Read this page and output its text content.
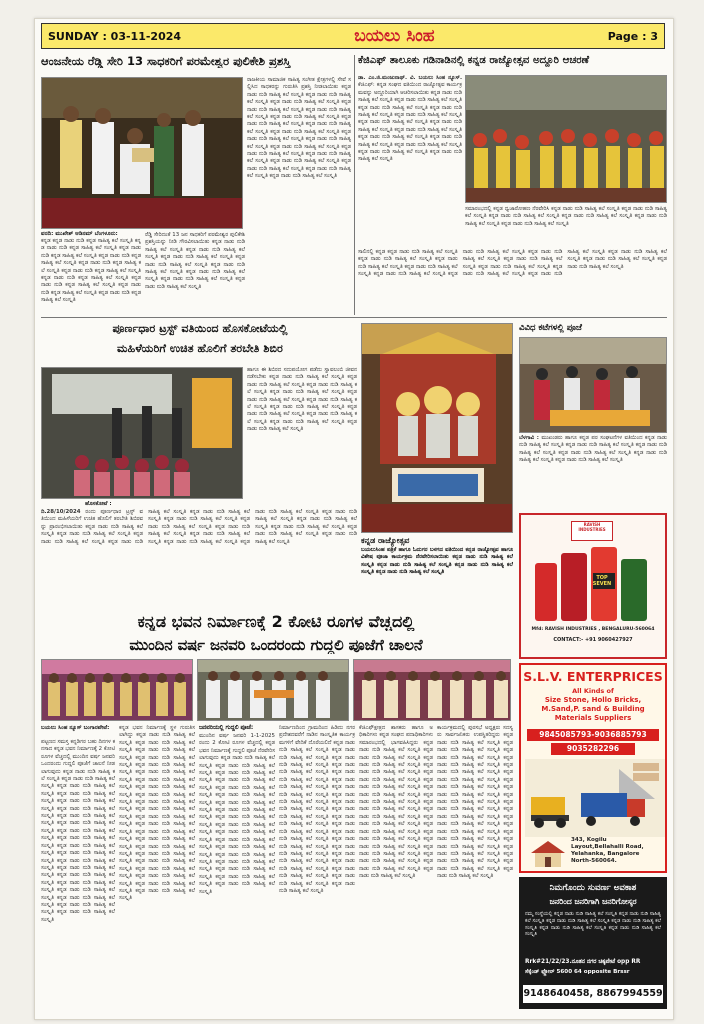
SUNDAY : 03-11-2024	ಬಯಲು ಸಿಂಹ	Page : 3
ಆಂಜನೇಯ ರೆಡ್ಡಿ ಸೇರಿ 13 ಸಾಧಕರಿಗೆ ಪರಮೇಶ್ವರ ಪುಲಿಕೇಶಿ ಪ್ರಶಸ್ತಿ
ವರದಿ: ಮುಖೇಶ್ ಆಡಿನಮ್ ಬೆಂಗಳೂರು:
ಕನ್ನಡ ಕನ್ನಡ ನಾಡು ನುಡಿ ಕನ್ನಡ ಸಾಹಿತ್ಯ ಕಲೆ ಸಂಸ್ಕೃತಿ ಕನ್ನಡ ನಾಡು ನುಡಿ ಕನ್ನಡ ಸಾಹಿತ್ಯ ಕಲೆ ಸಂಸ್ಕೃತಿ ಕನ್ನಡ ನಾಡು ನುಡಿ ಕನ್ನಡ ಸಾಹಿತ್ಯ ಕಲೆ ಸಂಸ್ಕೃತಿ ಕನ್ನಡ ನಾಡು ನುಡಿ ಕನ್ನಡ ಸಾಹಿತ್ಯ ಕಲೆ ಸಂಸ್ಕೃತಿ ಕನ್ನಡ ನಾಡು ನುಡಿ ಕನ್ನಡ ಸಾಹಿತ್ಯ ಕಲೆ ಸಂಸ್ಕೃತಿ ಕನ್ನಡ ನಾಡು ನುಡಿ ಕನ್ನಡ ಸಾಹಿತ್ಯ ಕಲೆ ಸಂಸ್ಕೃತಿ ಕನ್ನಡ ನಾಡು ನುಡಿ ಕನ್ನಡ ಸಾಹಿತ್ಯ ಕಲೆ ಸಂಸ್ಕೃತಿ ಕನ್ನಡ ನಾಡು ನುಡಿ ಕನ್ನಡ ಸಾಹಿತ್ಯ ಕಲೆ ಸಂಸ್ಕೃತಿ ಕನ್ನಡ ನಾಡು ನುಡಿ ಕನ್ನಡ ಸಾಹಿತ್ಯ ಕಲೆ ಸಂಸ್ಕೃತಿ ಕನ್ನಡ ನಾಡು ನುಡಿ ಕನ್ನಡ ಸಾಹಿತ್ಯ ಕಲೆ ಸಂಸ್ಕೃತಿ
ರೆಡ್ಡಿ ಸೇರಿದಂತೆ 13 ಜನ ಸಾಧಕರಿಗೆ ಪರಮೇಶ್ವರ ಪುಲಿಕೇಶಿ ಪ್ರಶಸ್ತಿಯನ್ನು ನೀಡಿ ಗೌರವಿಸಲಾಯಿತು ಕನ್ನಡ ನಾಡು ನುಡಿ ಸಾಹಿತ್ಯ ಕಲೆ ಸಂಸ್ಕೃತಿ ಕನ್ನಡ ನಾಡು ನುಡಿ ಸಾಹಿತ್ಯ ಕಲೆ ಸಂಸ್ಕೃತಿ ಕನ್ನಡ ನಾಡು ನುಡಿ ಸಾಹಿತ್ಯ ಕಲೆ ಸಂಸ್ಕೃತಿ ಕನ್ನಡ ನಾಡು ನುಡಿ ಸಾಹಿತ್ಯ ಕಲೆ ಸಂಸ್ಕೃತಿ ಕನ್ನಡ ನಾಡು ನುಡಿ ಸಾಹಿತ್ಯ ಕಲೆ ಸಂಸ್ಕೃತಿ ಕನ್ನಡ ನಾಡು ನುಡಿ ಸಾಹಿತ್ಯ ಕಲೆ ಸಂಸ್ಕೃತಿ ಕನ್ನಡ ನಾಡು ನುಡಿ ಸಾಹಿತ್ಯ ಕಲೆ ಸಂಸ್ಕೃತಿ ಕನ್ನಡ ನಾಡು ನುಡಿ ಸಾಹಿತ್ಯ ಕಲೆ ಸಂಸ್ಕೃತಿ
ರಾಜಕೀಯ ಸಾಮಾಜಿಕ ಸಾಹಿತ್ಯ ಸಂಗೀತ ಕ್ಷೇತ್ರಗಳಲ್ಲಿ ಸೇವೆ ಸಲ್ಲಿಸಿದ ಸಾಧಕರನ್ನು ಗುರುತಿಸಿ ಪ್ರಶಸ್ತಿ ನೀಡಲಾಯಿತು ಕನ್ನಡ ನಾಡು ನುಡಿ ಸಾಹಿತ್ಯ ಕಲೆ ಸಂಸ್ಕೃತಿ ಕನ್ನಡ ನಾಡು ನುಡಿ ಸಾಹಿತ್ಯ ಕಲೆ ಸಂಸ್ಕೃತಿ ಕನ್ನಡ ನಾಡು ನುಡಿ ಸಾಹಿತ್ಯ ಕಲೆ ಸಂಸ್ಕೃತಿ ಕನ್ನಡ ನಾಡು ನುಡಿ ಸಾಹಿತ್ಯ ಕಲೆ ಸಂಸ್ಕೃತಿ ಕನ್ನಡ ನಾಡು ನುಡಿ ಸಾಹಿತ್ಯ ಕಲೆ ಸಂಸ್ಕೃತಿ ಕನ್ನಡ ನಾಡು ನುಡಿ ಸಾಹಿತ್ಯ ಕಲೆ ಸಂಸ್ಕೃತಿ ಕನ್ನಡ ನಾಡು ನುಡಿ ಸಾಹಿತ್ಯ ಕಲೆ ಸಂಸ್ಕೃತಿ ಕನ್ನಡ ನಾಡು ನುಡಿ ಸಾಹಿತ್ಯ ಕಲೆ ಸಂಸ್ಕೃತಿ ಕನ್ನಡ ನಾಡು ನುಡಿ ಸಾಹಿತ್ಯ ಕಲೆ ಸಂಸ್ಕೃತಿ ಕನ್ನಡ ನಾಡು ನುಡಿ ಸಾಹಿತ್ಯ ಕಲೆ ಸಂಸ್ಕೃತಿ ಕನ್ನಡ ನಾಡು ನುಡಿ ಸಾಹಿತ್ಯ ಕಲೆ ಸಂಸ್ಕೃತಿ ಕನ್ನಡ ನಾಡು ನುಡಿ ಸಾಹಿತ್ಯ ಕಲೆ ಸಂಸ್ಕೃತಿ ಕನ್ನಡ ನಾಡು ನುಡಿ ಸಾಹಿತ್ಯ ಕಲೆ ಸಂಸ್ಕೃತಿ ಕನ್ನಡ ನಾಡು ನುಡಿ ಸಾಹಿತ್ಯ ಕಲೆ ಸಂಸ್ಕೃತಿ ಕನ್ನಡ ನಾಡು ನುಡಿ ಸಾಹಿತ್ಯ ಕಲೆ ಸಂಸ್ಕೃತಿ ಕನ್ನಡ ನಾಡು ನುಡಿ ಸಾಹಿತ್ಯ ಕಲೆ ಸಂಸ್ಕೃತಿ ಕನ್ನಡ ನಾಡು ನುಡಿ ಸಾಹಿತ್ಯ ಕಲೆ ಸಂಸ್ಕೃತಿ ಕನ್ನಡ ನಾಡು ನುಡಿ ಸಾಹಿತ್ಯ ಕಲೆ ಸಂಸ್ಕೃತಿ
ಕೆಜಿಎಫ್ ತಾಲೂಕು ಗಡಿನಾಡಿನಲ್ಲಿ ಕನ್ನಡ ರಾಜ್ಯೋತ್ಸವ ಅದ್ದೂರಿ ಆಚರಣೆ
ಡಾ. ಎಂ.ಜಿ.ಮಂಜುನಾಥ್. ವಿ. ಬಯಲು ಸಿಂಹ ನ್ಯೂಸ್. ಕೆಜಿಎಫ್: ಕನ್ನಡ ಸಂಘದ ವತಿಯಿಂದ ರಾಜ್ಯೋತ್ಸವ ಕಾರ್ಯಕ್ರಮವನ್ನು ಅದ್ದೂರಿಯಾಗಿ ಆಚರಿಸಲಾಯಿತು ಕನ್ನಡ ನಾಡು ನುಡಿ ಸಾಹಿತ್ಯ ಕಲೆ ಸಂಸ್ಕೃತಿ ಕನ್ನಡ ನಾಡು ನುಡಿ ಸಾಹಿತ್ಯ ಕಲೆ ಸಂಸ್ಕೃತಿ ಕನ್ನಡ ನಾಡು ನುಡಿ ಸಾಹಿತ್ಯ ಕಲೆ ಸಂಸ್ಕೃತಿ ಕನ್ನಡ ನಾಡು ನುಡಿ ಸಾಹಿತ್ಯ ಕಲೆ ಸಂಸ್ಕೃತಿ ಕನ್ನಡ ನಾಡು ನುಡಿ ಸಾಹಿತ್ಯ ಕಲೆ ಸಂಸ್ಕೃತಿ ಕನ್ನಡ ನಾಡು ನುಡಿ ಸಾಹಿತ್ಯ ಕಲೆ ಸಂಸ್ಕೃತಿ ಕನ್ನಡ ನಾಡು ನುಡಿ ಸಾಹಿತ್ಯ ಕಲೆ ಸಂಸ್ಕೃತಿ ಕನ್ನಡ ನಾಡು ನುಡಿ ಸಾಹಿತ್ಯ ಕಲೆ ಸಂಸ್ಕೃತಿ ಕನ್ನಡ ನಾಡು ನುಡಿ ಸಾಹಿತ್ಯ ಕಲೆ ಸಂಸ್ಕೃತಿ ಕನ್ನಡ ನಾಡು ನುಡಿ ಸಾಹಿತ್ಯ ಕಲೆ ಸಂಸ್ಕೃತಿ ಕನ್ನಡ ನಾಡು ನುಡಿ ಸಾಹಿತ್ಯ ಕಲೆ ಸಂಸ್ಕೃತಿ ಕನ್ನಡ ನಾಡು ನುಡಿ ಸಾಹಿತ್ಯ ಕಲೆ ಸಂಸ್ಕೃತಿ ಕನ್ನಡ ನಾಡು ನುಡಿ ಸಾಹಿತ್ಯ ಕಲೆ ಸಂಸ್ಕೃತಿ
ಸಮಾರಂಭದಲ್ಲಿ ಕನ್ನಡ ಧ್ವಜಾರೋಹಣ ನೆರವೇರಿಸಿ ಕನ್ನಡ ನಾಡು ನುಡಿ ಸಾಹಿತ್ಯ ಕಲೆ ಸಂಸ್ಕೃತಿ ಕನ್ನಡ ನಾಡು ನುಡಿ ಸಾಹಿತ್ಯ ಕಲೆ ಸಂಸ್ಕೃತಿ ಕನ್ನಡ ನಾಡು ನುಡಿ ಸಾಹಿತ್ಯ ಕಲೆ ಸಂಸ್ಕೃತಿ ಕನ್ನಡ ನಾಡು ನುಡಿ ಸಾಹಿತ್ಯ ಕಲೆ ಸಂಸ್ಕೃತಿ ಕನ್ನಡ ನಾಡು ನುಡಿ ಸಾಹಿತ್ಯ ಕಲೆ ಸಂಸ್ಕೃತಿ ಕನ್ನಡ ನಾಡು ನುಡಿ ಸಾಹಿತ್ಯ ಕಲೆ ಸಂಸ್ಕೃತಿ
ಸಾಲಿನಲ್ಲಿ ಕನ್ನಡ ಕನ್ನಡ ನಾಡು ನುಡಿ ಸಾಹಿತ್ಯ ಕಲೆ ಸಂಸ್ಕೃತಿ ಕನ್ನಡ ನಾಡು ನುಡಿ ಸಾಹಿತ್ಯ ಕಲೆ ಸಂಸ್ಕೃತಿ ಕನ್ನಡ ನಾಡು ನುಡಿ ಸಾಹಿತ್ಯ ಕಲೆ ಸಂಸ್ಕೃತಿ ಕನ್ನಡ ನಾಡು ನುಡಿ ಸಾಹಿತ್ಯ ಕಲೆ ಸಂಸ್ಕೃತಿ ಕನ್ನಡ ನಾಡು ನುಡಿ ಸಾಹಿತ್ಯ ಕಲೆ ಸಂಸ್ಕೃತಿ ಕನ್ನಡ ನಾಡು ನುಡಿ ಸಾಹಿತ್ಯ ಕಲೆ ಸಂಸ್ಕೃತಿ ಕನ್ನಡ ನಾಡು ನುಡಿ ಸಾಹಿತ್ಯ ಕಲೆ ಸಂಸ್ಕೃತಿ ಕನ್ನಡ ನಾಡು ನುಡಿ ಸಾಹಿತ್ಯ ಕಲೆ ಸಂಸ್ಕೃತಿ ಕನ್ನಡ ನಾಡು ನುಡಿ ಸಾಹಿತ್ಯ ಕಲೆ ಸಂಸ್ಕೃತಿ ಕನ್ನಡ ನಾಡು ನುಡಿ ಸಾಹಿತ್ಯ ಕಲೆ ಸಂಸ್ಕೃತಿ ಕನ್ನಡ ನಾಡು ನುಡಿ ಸಾಹಿತ್ಯ ಕಲೆ ಸಂಸ್ಕೃತಿ ಕನ್ನಡ ನಾಡು ನುಡಿ ಸಾಹಿತ್ಯ ಕಲೆ ಸಂಸ್ಕೃತಿ ಕನ್ನಡ ನಾಡು ನುಡಿ ಸಾಹಿತ್ಯ ಕಲೆ ಸಂಸ್ಕೃತಿ ಕನ್ನಡ ನಾಡು ನುಡಿ ಸಾಹಿತ್ಯ ಕಲೆ ಸಂಸ್ಕೃತಿ
ಪೂರ್ಣಧಾರ ಟ್ರಸ್ಟ್ ವತಿಯಿಂದ ಹೊಸಕೋಟೆಯಲ್ಲಿ
ಮಹಿಳೆಯರಿಗೆ ಉಚಿತ ಹೊಲಿಗೆ ತರಬೇತಿ ಶಿಬಿರ
ಹಾಗೂ ಈ ಶಿಬಿರದ ಸದುಪಯೋಗ ಪಡೆದು ಸ್ವಾವಲಂಬಿ ಜೀವನ ನಡೆಸಬೇಕು ಕನ್ನಡ ನಾಡು ನುಡಿ ಸಾಹಿತ್ಯ ಕಲೆ ಸಂಸ್ಕೃತಿ ಕನ್ನಡ ನಾಡು ನುಡಿ ಸಾಹಿತ್ಯ ಕಲೆ ಸಂಸ್ಕೃತಿ ಕನ್ನಡ ನಾಡು ನುಡಿ ಸಾಹಿತ್ಯ ಕಲೆ ಸಂಸ್ಕೃತಿ ಕನ್ನಡ ನಾಡು ನುಡಿ ಸಾಹಿತ್ಯ ಕಲೆ ಸಂಸ್ಕೃತಿ ಕನ್ನಡ ನಾಡು ನುಡಿ ಸಾಹಿತ್ಯ ಕಲೆ ಸಂಸ್ಕೃತಿ ಕನ್ನಡ ನಾಡು ನುಡಿ ಸಾಹಿತ್ಯ ಕಲೆ ಸಂಸ್ಕೃತಿ ಕನ್ನಡ ನಾಡು ನುಡಿ ಸಾಹಿತ್ಯ ಕಲೆ ಸಂಸ್ಕೃತಿ ಕನ್ನಡ ನಾಡು ನುಡಿ ಸಾಹಿತ್ಯ ಕಲೆ ಸಂಸ್ಕೃತಿ ಕನ್ನಡ ನಾಡು ನುಡಿ ಸಾಹಿತ್ಯ ಕಲೆ ಸಂಸ್ಕೃತಿ ಕನ್ನಡ ನಾಡು ನುಡಿ ಸಾಹಿತ್ಯ ಕಲೆ ಸಂಸ್ಕೃತಿ ಕನ್ನಡ ನಾಡು ನುಡಿ ಸಾಹಿತ್ಯ ಕಲೆ ಸಂಸ್ಕೃತಿ
ಹೊಸಕೋಟೆ :
ದಿ.28/10/2024 ರಂದು ಪೂರ್ಣಧಾರ ಟ್ರಸ್ಟ್ ವತಿಯಿಂದ ಮಹಿಳೆಯರಿಗೆ ಉಚಿತ ಹೊಲಿಗೆ ತರಬೇತಿ ಶಿಬಿರವನ್ನು ಪ್ರಾರಂಭಿಸಲಾಯಿತು ಕನ್ನಡ ನಾಡು ನುಡಿ ಸಾಹಿತ್ಯ ಕಲೆ ಸಂಸ್ಕೃತಿ ಕನ್ನಡ ನಾಡು ನುಡಿ ಸಾಹಿತ್ಯ ಕಲೆ ಸಂಸ್ಕೃತಿ ಕನ್ನಡ ನಾಡು ನುಡಿ ಸಾಹಿತ್ಯ ಕಲೆ ಸಂಸ್ಕೃತಿ ಕನ್ನಡ ನಾಡು ನುಡಿ ಸಾಹಿತ್ಯ ಕಲೆ ಸಂಸ್ಕೃತಿ ಕನ್ನಡ ನಾಡು ನುಡಿ ಸಾಹಿತ್ಯ ಕಲೆ ಸಂಸ್ಕೃತಿ ಕನ್ನಡ ನಾಡು ನುಡಿ ಸಾಹಿತ್ಯ ಕಲೆ ಸಂಸ್ಕೃತಿ ಕನ್ನಡ ನಾಡು ನುಡಿ ಸಾಹಿತ್ಯ ಕಲೆ ಸಂಸ್ಕೃತಿ ಕನ್ನಡ ನಾಡು ನುಡಿ ಸಾಹಿತ್ಯ ಕಲೆ ಸಂಸ್ಕೃತಿ ಕನ್ನಡ ನಾಡು ನುಡಿ ಸಾಹಿತ್ಯ ಕಲೆ ಸಂಸ್ಕೃತಿ ಕನ್ನಡ ನಾಡು ನುಡಿ ಸಾಹಿತ್ಯ ಕಲೆ ಸಂಸ್ಕೃತಿ ಕನ್ನಡ ನಾಡು ನುಡಿ ಸಾಹಿತ್ಯ ಕಲೆ ಸಂಸ್ಕೃತಿ ಕನ್ನಡ ನಾಡು ನುಡಿ ಸಾಹಿತ್ಯ ಕಲೆ ಸಂಸ್ಕೃತಿ ಕನ್ನಡ ನಾಡು ನುಡಿ ಸಾಹಿತ್ಯ ಕಲೆ ಸಂಸ್ಕೃತಿ ಕನ್ನಡ ನಾಡು ನುಡಿ ಸಾಹಿತ್ಯ ಕಲೆ ಸಂಸ್ಕೃತಿ ಕನ್ನಡ ನಾಡು ನುಡಿ ಸಾಹಿತ್ಯ ಕಲೆ ಸಂಸ್ಕೃತಿ ಕನ್ನಡ ನಾಡು ನುಡಿ ಸಾಹಿತ್ಯ ಕಲೆ ಸಂಸ್ಕೃತಿ	ಕನ್ನಡ ರಾಜ್ಯೋತ್ಸವ
ಬಯಲುಸಿಂಹ ಪತ್ರಿಕೆ ಹಾಗೂ ಓದುಗರ ಬಳಗದ ವತಿಯಿಂದ ಕನ್ನಡ ರಾಜ್ಯೋತ್ಸವ ಹಾಗೂ ವಿಶೇಷ ಪೂಜಾ ಕಾರ್ಯಕ್ರಮ ನೆರವೇರಿಸಲಾಯಿತು ಕನ್ನಡ ನಾಡು ನುಡಿ ಸಾಹಿತ್ಯ ಕಲೆ ಸಂಸ್ಕೃತಿ ಕನ್ನಡ ನಾಡು ನುಡಿ ಸಾಹಿತ್ಯ ಕಲೆ ಸಂಸ್ಕೃತಿ ಕನ್ನಡ ನಾಡು ನುಡಿ ಸಾಹಿತ್ಯ ಕಲೆ ಸಂಸ್ಕೃತಿ ಕನ್ನಡ ನಾಡು ನುಡಿ ಸಾಹಿತ್ಯ ಕಲೆ ಸಂಸ್ಕೃತಿ
ವಿವಿಧ ಕಟೆಗಳಲ್ಲಿ ಪೂಜೆ
ಬೆಳಗಾವಿ : ಮುಖಂಡರು ಹಾಗೂ ಕನ್ನಡ ಪರ ಸಂಘಟನೆಗಳ ವತಿಯಿಂದ ಕನ್ನಡ ನಾಡು ನುಡಿ ಸಾಹಿತ್ಯ ಕಲೆ ಸಂಸ್ಕೃತಿ ಕನ್ನಡ ನಾಡು ನುಡಿ ಸಾಹಿತ್ಯ ಕಲೆ ಸಂಸ್ಕೃತಿ ಕನ್ನಡ ನಾಡು ನುಡಿ ಸಾಹಿತ್ಯ ಕಲೆ ಸಂಸ್ಕೃತಿ ಕನ್ನಡ ನಾಡು ನುಡಿ ಸಾಹಿತ್ಯ ಕಲೆ ಸಂಸ್ಕೃತಿ ಕನ್ನಡ ನಾಡು ನುಡಿ ಸಾಹಿತ್ಯ ಕಲೆ ಸಂಸ್ಕೃತಿ ಕನ್ನಡ ನಾಡು ನುಡಿ ಸಾಹಿತ್ಯ ಕಲೆ ಸಂಸ್ಕೃತಿ
RAVISH INDUSTRIES
TOP SEVEN
Mfd: RAVISH INDUSTRIES , BENGALURU-560064
CONTACT:- +91 9060427927
ಕನ್ನಡ ಭವನ ನಿರ್ಮಾಣಕ್ಕೆ 2 ಕೋಟಿ ರೂಗಳ ವೆಚ್ಚದಲ್ಲಿ
ಮುಂದಿನ ವರ್ಷ ಜನವರಿ ಒಂದರಂದು ಗುದ್ದಲಿ ಪೂಜೆಗೆ ಚಾಲನೆ
ಬಯಲು ಸಿಂಹ ನ್ಯೂಸ್ ಬಂಗಾರಪೇಟೆ:
ಪಟ್ಟಣದ ಸಮಸ್ತ ಕನ್ನಡಿಗರ ಬಹು ದಿನಗಳ ಕನಸಾದ ಕನ್ನಡ ಭವನ ನಿರ್ಮಾಣಕ್ಕೆ 2 ಕೋಟಿ ರೂಗಳ ವೆಚ್ಚದಲ್ಲಿ ಮುಂದಿನ ವರ್ಷ ಜನವರಿ ಒಂದರಂದು ಗುದ್ದಲಿ ಪೂಜೆಗೆ ಚಾಲನೆ ನೀಡಲಾಗುವುದು ಕನ್ನಡ ನಾಡು ನುಡಿ ಸಾಹಿತ್ಯ ಕಲೆ ಸಂಸ್ಕೃತಿ ಕನ್ನಡ ನಾಡು ನುಡಿ ಸಾಹಿತ್ಯ ಕಲೆ ಸಂಸ್ಕೃತಿ ಕನ್ನಡ ನಾಡು ನುಡಿ ಸಾಹಿತ್ಯ ಕಲೆ ಸಂಸ್ಕೃತಿ ಕನ್ನಡ ನಾಡು ನುಡಿ ಸಾಹಿತ್ಯ ಕಲೆ ಸಂಸ್ಕೃತಿ ಕನ್ನಡ ನಾಡು ನುಡಿ ಸಾಹಿತ್ಯ ಕಲೆ ಸಂಸ್ಕೃತಿ ಕನ್ನಡ ನಾಡು ನುಡಿ ಸಾಹಿತ್ಯ ಕಲೆ ಸಂಸ್ಕೃತಿ ಕನ್ನಡ ನಾಡು ನುಡಿ ಸಾಹಿತ್ಯ ಕಲೆ ಸಂಸ್ಕೃತಿ ಕನ್ನಡ ನಾಡು ನುಡಿ ಸಾಹಿತ್ಯ ಕಲೆ ಸಂಸ್ಕೃತಿ ಕನ್ನಡ ನಾಡು ನುಡಿ ಸಾಹಿತ್ಯ ಕಲೆ ಸಂಸ್ಕೃತಿ ಕನ್ನಡ ನಾಡು ನುಡಿ ಸಾಹಿತ್ಯ ಕಲೆ ಸಂಸ್ಕೃತಿ ಕನ್ನಡ ನಾಡು ನುಡಿ ಸಾಹಿತ್ಯ ಕಲೆ ಸಂಸ್ಕೃತಿ ಕನ್ನಡ ನಾಡು ನುಡಿ ಸಾಹಿತ್ಯ ಕಲೆ ಸಂಸ್ಕೃತಿ ಕನ್ನಡ ನಾಡು ನುಡಿ ಸಾಹಿತ್ಯ ಕಲೆ ಸಂಸ್ಕೃತಿ ಕನ್ನಡ ನಾಡು ನುಡಿ ಸಾಹಿತ್ಯ ಕಲೆ ಸಂಸ್ಕೃತಿ ಕನ್ನಡ ನಾಡು ನುಡಿ ಸಾಹಿತ್ಯ ಕಲೆ ಸಂಸ್ಕೃತಿ ಕನ್ನಡ ನಾಡು ನುಡಿ ಸಾಹಿತ್ಯ ಕಲೆ ಸಂಸ್ಕೃತಿ ಕನ್ನಡ ನಾಡು ನುಡಿ ಸಾಹಿತ್ಯ ಕಲೆ ಸಂಸ್ಕೃತಿ ಕನ್ನಡ ನಾಡು ನುಡಿ ಸಾಹಿತ್ಯ ಕಲೆ ಸಂಸ್ಕೃತಿ ಕನ್ನಡ ನಾಡು ನುಡಿ ಸಾಹಿತ್ಯ ಕಲೆ ಸಂಸ್ಕೃತಿ ಕನ್ನಡ ನಾಡು ನುಡಿ ಸಾಹಿತ್ಯ ಕಲೆ ಸಂಸ್ಕೃತಿ
ಕನ್ನಡ ಭವನ ನಿರ್ಮಾಣಕ್ಕೆ ಸ್ಥಳ ಗುರುತಿಸಲಾಗಿದ್ದು ಕನ್ನಡ ನಾಡು ನುಡಿ ಸಾಹಿತ್ಯ ಕಲೆ ಸಂಸ್ಕೃತಿ ಕನ್ನಡ ನಾಡು ನುಡಿ ಸಾಹಿತ್ಯ ಕಲೆ ಸಂಸ್ಕೃತಿ ಕನ್ನಡ ನಾಡು ನುಡಿ ಸಾಹಿತ್ಯ ಕಲೆ ಸಂಸ್ಕೃತಿ ಕನ್ನಡ ನಾಡು ನುಡಿ ಸಾಹಿತ್ಯ ಕಲೆ ಸಂಸ್ಕೃತಿ ಕನ್ನಡ ನಾಡು ನುಡಿ ಸಾಹಿತ್ಯ ಕಲೆ ಸಂಸ್ಕೃತಿ ಕನ್ನಡ ನಾಡು ನುಡಿ ಸಾಹಿತ್ಯ ಕಲೆ ಸಂಸ್ಕೃತಿ ಕನ್ನಡ ನಾಡು ನುಡಿ ಸಾಹಿತ್ಯ ಕಲೆ ಸಂಸ್ಕೃತಿ ಕನ್ನಡ ನಾಡು ನುಡಿ ಸಾಹಿತ್ಯ ಕಲೆ ಸಂಸ್ಕೃತಿ ಕನ್ನಡ ನಾಡು ನುಡಿ ಸಾಹಿತ್ಯ ಕಲೆ ಸಂಸ್ಕೃತಿ ಕನ್ನಡ ನಾಡು ನುಡಿ ಸಾಹಿತ್ಯ ಕಲೆ ಸಂಸ್ಕೃತಿ ಕನ್ನಡ ನಾಡು ನುಡಿ ಸಾಹಿತ್ಯ ಕಲೆ ಸಂಸ್ಕೃತಿ ಕನ್ನಡ ನಾಡು ನುಡಿ ಸಾಹಿತ್ಯ ಕಲೆ ಸಂಸ್ಕೃತಿ ಕನ್ನಡ ನಾಡು ನುಡಿ ಸಾಹಿತ್ಯ ಕಲೆ ಸಂಸ್ಕೃತಿ ಕನ್ನಡ ನಾಡು ನುಡಿ ಸಾಹಿತ್ಯ ಕಲೆ ಸಂಸ್ಕೃತಿ ಕನ್ನಡ ನಾಡು ನುಡಿ ಸಾಹಿತ್ಯ ಕಲೆ ಸಂಸ್ಕೃತಿ ಕನ್ನಡ ನಾಡು ನುಡಿ ಸಾಹಿತ್ಯ ಕಲೆ ಸಂಸ್ಕೃತಿ ಕನ್ನಡ ನಾಡು ನುಡಿ ಸಾಹಿತ್ಯ ಕಲೆ ಸಂಸ್ಕೃತಿ ಕನ್ನಡ ನಾಡು ನುಡಿ ಸಾಹಿತ್ಯ ಕಲೆ ಸಂಸ್ಕೃತಿ ಕನ್ನಡ ನಾಡು ನುಡಿ ಸಾಹಿತ್ಯ ಕಲೆ ಸಂಸ್ಕೃತಿ ಕನ್ನಡ ನಾಡು ನುಡಿ ಸಾಹಿತ್ಯ ಕಲೆ ಸಂಸ್ಕೃತಿ ಕನ್ನಡ ನಾಡು ನುಡಿ ಸಾಹಿತ್ಯ ಕಲೆ ಸಂಸ್ಕೃತಿ ಕನ್ನಡ ನಾಡು ನುಡಿ ಸಾಹಿತ್ಯ ಕಲೆ ಸಂಸ್ಕೃತಿ
ಜನವರಿಯಲ್ಲಿ ಗುದ್ದಲಿ ಪೂಜೆ:
ಮುಂದಿನ ವರ್ಷ ಜನವರಿ 1-1-2025 ರಂದು 2 ಕೋಟಿ ರೂಗಳ ವೆಚ್ಚದಲ್ಲಿ ಕನ್ನಡ ಭವನ ನಿರ್ಮಾಣಕ್ಕೆ ಗುದ್ದಲಿ ಪೂಜೆ ನೆರವೇರಿಸಲಾಗುವುದು ಕನ್ನಡ ನಾಡು ನುಡಿ ಸಾಹಿತ್ಯ ಕಲೆ ಸಂಸ್ಕೃತಿ ಕನ್ನಡ ನಾಡು ನುಡಿ ಸಾಹಿತ್ಯ ಕಲೆ ಸಂಸ್ಕೃತಿ ಕನ್ನಡ ನಾಡು ನುಡಿ ಸಾಹಿತ್ಯ ಕಲೆ ಸಂಸ್ಕೃತಿ ಕನ್ನಡ ನಾಡು ನುಡಿ ಸಾಹಿತ್ಯ ಕಲೆ ಸಂಸ್ಕೃತಿ ಕನ್ನಡ ನಾಡು ನುಡಿ ಸಾಹಿತ್ಯ ಕಲೆ ಸಂಸ್ಕೃತಿ ಕನ್ನಡ ನಾಡು ನುಡಿ ಸಾಹಿತ್ಯ ಕಲೆ ಸಂಸ್ಕೃತಿ ಕನ್ನಡ ನಾಡು ನುಡಿ ಸಾಹಿತ್ಯ ಕಲೆ ಸಂಸ್ಕೃತಿ ಕನ್ನಡ ನಾಡು ನುಡಿ ಸಾಹಿತ್ಯ ಕಲೆ ಸಂಸ್ಕೃತಿ ಕನ್ನಡ ನಾಡು ನುಡಿ ಸಾಹಿತ್ಯ ಕಲೆ ಸಂಸ್ಕೃತಿ ಕನ್ನಡ ನಾಡು ನುಡಿ ಸಾಹಿತ್ಯ ಕಲೆ ಸಂಸ್ಕೃತಿ ಕನ್ನಡ ನಾಡು ನುಡಿ ಸಾಹಿತ್ಯ ಕಲೆ ಸಂಸ್ಕೃತಿ ಕನ್ನಡ ನಾಡು ನುಡಿ ಸಾಹಿತ್ಯ ಕಲೆ ಸಂಸ್ಕೃತಿ ಕನ್ನಡ ನಾಡು ನುಡಿ ಸಾಹಿತ್ಯ ಕಲೆ ಸಂಸ್ಕೃತಿ ಕನ್ನಡ ನಾಡು ನುಡಿ ಸಾಹಿತ್ಯ ಕಲೆ ಸಂಸ್ಕೃತಿ ಕನ್ನಡ ನಾಡು ನುಡಿ ಸಾಹಿತ್ಯ ಕಲೆ ಸಂಸ್ಕೃತಿ ಕನ್ನಡ ನಾಡು ನುಡಿ ಸಾಹಿತ್ಯ ಕಲೆ ಸಂಸ್ಕೃತಿ ಕನ್ನಡ ನಾಡು ನುಡಿ ಸಾಹಿತ್ಯ ಕಲೆ ಸಂಸ್ಕೃತಿ ಕನ್ನಡ ನಾಡು ನುಡಿ ಸಾಹಿತ್ಯ ಕಲೆ ಸಂಸ್ಕೃತಿ
ನಿರ್ಮಾಣದಿಂದ ಗ್ರಾಮದಿಂದ ಹಿಡಿದು ನಗರ ಪ್ರದೇಶದವರೆಗೆ ನಾಡಿನ ಸಾಂಸ್ಕೃತಿಕ ಕಾರ್ಯಕ್ರಮಗಳಿಗೆ ವೇದಿಕೆ ದೊರೆಯಲಿದೆ ಕನ್ನಡ ನಾಡು ನುಡಿ ಸಾಹಿತ್ಯ ಕಲೆ ಸಂಸ್ಕೃತಿ ಕನ್ನಡ ನಾಡು ನುಡಿ ಸಾಹಿತ್ಯ ಕಲೆ ಸಂಸ್ಕೃತಿ ಕನ್ನಡ ನಾಡು ನುಡಿ ಸಾಹಿತ್ಯ ಕಲೆ ಸಂಸ್ಕೃತಿ ಕನ್ನಡ ನಾಡು ನುಡಿ ಸಾಹಿತ್ಯ ಕಲೆ ಸಂಸ್ಕೃತಿ ಕನ್ನಡ ನಾಡು ನುಡಿ ಸಾಹಿತ್ಯ ಕಲೆ ಸಂಸ್ಕೃತಿ ಕನ್ನಡ ನಾಡು ನುಡಿ ಸಾಹಿತ್ಯ ಕಲೆ ಸಂಸ್ಕೃತಿ ಕನ್ನಡ ನಾಡು ನುಡಿ ಸಾಹಿತ್ಯ ಕಲೆ ಸಂಸ್ಕೃತಿ ಕನ್ನಡ ನಾಡು ನುಡಿ ಸಾಹಿತ್ಯ ಕಲೆ ಸಂಸ್ಕೃತಿ ಕನ್ನಡ ನಾಡು ನುಡಿ ಸಾಹಿತ್ಯ ಕಲೆ ಸಂಸ್ಕೃತಿ ಕನ್ನಡ ನಾಡು ನುಡಿ ಸಾಹಿತ್ಯ ಕಲೆ ಸಂಸ್ಕೃತಿ ಕನ್ನಡ ನಾಡು ನುಡಿ ಸಾಹಿತ್ಯ ಕಲೆ ಸಂಸ್ಕೃತಿ ಕನ್ನಡ ನಾಡು ನುಡಿ ಸಾಹಿತ್ಯ ಕಲೆ ಸಂಸ್ಕೃತಿ ಕನ್ನಡ ನಾಡು ನುಡಿ ಸಾಹಿತ್ಯ ಕಲೆ ಸಂಸ್ಕೃತಿ ಕನ್ನಡ ನಾಡು ನುಡಿ ಸಾಹಿತ್ಯ ಕಲೆ ಸಂಸ್ಕೃತಿ ಕನ್ನಡ ನಾಡು ನುಡಿ ಸಾಹಿತ್ಯ ಕಲೆ ಸಂಸ್ಕೃತಿ ಕನ್ನಡ ನಾಡು ನುಡಿ ಸಾಹಿತ್ಯ ಕಲೆ ಸಂಸ್ಕೃತಿ ಕನ್ನಡ ನಾಡು ನುಡಿ ಸಾಹಿತ್ಯ ಕಲೆ ಸಂಸ್ಕೃತಿ ಕನ್ನಡ ನಾಡು ನುಡಿ ಸಾಹಿತ್ಯ ಕಲೆ ಸಂಸ್ಕೃತಿ ಕನ್ನಡ ನಾಡು ನುಡಿ ಸಾಹಿತ್ಯ ಕಲೆ ಸಂಸ್ಕೃತಿ ಕನ್ನಡ ನಾಡು ನುಡಿ ಸಾಹಿತ್ಯ ಕಲೆ ಸಂಸ್ಕೃತಿ
ಕೆಜಿಎಫ್ಕ್ಷೇತ್ರದ ಶಾಸಕರು ಹಾಗೂ ಅಧಿಕಾರಿಗಳು ಕನ್ನಡ ಸಂಘದ ಪದಾಧಿಕಾರಿಗಳು ಸಮಾರಂಭದಲ್ಲಿ ಭಾಗವಹಿಸಿದ್ದರು ಕನ್ನಡ ನಾಡು ನುಡಿ ಸಾಹಿತ್ಯ ಕಲೆ ಸಂಸ್ಕೃತಿ ಕನ್ನಡ ನಾಡು ನುಡಿ ಸಾಹಿತ್ಯ ಕಲೆ ಸಂಸ್ಕೃತಿ ಕನ್ನಡ ನಾಡು ನುಡಿ ಸಾಹಿತ್ಯ ಕಲೆ ಸಂಸ್ಕೃತಿ ಕನ್ನಡ ನಾಡು ನುಡಿ ಸಾಹಿತ್ಯ ಕಲೆ ಸಂಸ್ಕೃತಿ ಕನ್ನಡ ನಾಡು ನುಡಿ ಸಾಹಿತ್ಯ ಕಲೆ ಸಂಸ್ಕೃತಿ ಕನ್ನಡ ನಾಡು ನುಡಿ ಸಾಹಿತ್ಯ ಕಲೆ ಸಂಸ್ಕೃತಿ ಕನ್ನಡ ನಾಡು ನುಡಿ ಸಾಹಿತ್ಯ ಕಲೆ ಸಂಸ್ಕೃತಿ ಕನ್ನಡ ನಾಡು ನುಡಿ ಸಾಹಿತ್ಯ ಕಲೆ ಸಂಸ್ಕೃತಿ ಕನ್ನಡ ನಾಡು ನುಡಿ ಸಾಹಿತ್ಯ ಕಲೆ ಸಂಸ್ಕೃತಿ ಕನ್ನಡ ನಾಡು ನುಡಿ ಸಾಹಿತ್ಯ ಕಲೆ ಸಂಸ್ಕೃತಿ ಕನ್ನಡ ನಾಡು ನುಡಿ ಸಾಹಿತ್ಯ ಕಲೆ ಸಂಸ್ಕೃತಿ ಕನ್ನಡ ನಾಡು ನುಡಿ ಸಾಹಿತ್ಯ ಕಲೆ ಸಂಸ್ಕೃತಿ ಕನ್ನಡ ನಾಡು ನುಡಿ ಸಾಹಿತ್ಯ ಕಲೆ ಸಂಸ್ಕೃತಿ ಕನ್ನಡ ನಾಡು ನುಡಿ ಸಾಹಿತ್ಯ ಕಲೆ ಸಂಸ್ಕೃತಿ ಕನ್ನಡ ನಾಡು ನುಡಿ ಸಾಹಿತ್ಯ ಕಲೆ ಸಂಸ್ಕೃತಿ ಕನ್ನಡ ನಾಡು ನುಡಿ ಸಾಹಿತ್ಯ ಕಲೆ ಸಂಸ್ಕೃತಿ ಕನ್ನಡ ನಾಡು ನುಡಿ ಸಾಹಿತ್ಯ ಕಲೆ ಸಂಸ್ಕೃತಿ ಕನ್ನಡ ನಾಡು ನುಡಿ ಸಾಹಿತ್ಯ ಕಲೆ ಸಂಸ್ಕೃತಿ
ಕಾರ್ಯಕ್ರಮದಲ್ಲಿ ಪುರಸಭೆ ಅಧ್ಯಕ್ಷರು ಸದಸ್ಯರು ಸಾರ್ವಜನಿಕರು ಉಪಸ್ಥಿತರಿದ್ದರು ಕನ್ನಡ ನಾಡು ನುಡಿ ಸಾಹಿತ್ಯ ಕಲೆ ಸಂಸ್ಕೃತಿ ಕನ್ನಡ ನಾಡು ನುಡಿ ಸಾಹಿತ್ಯ ಕಲೆ ಸಂಸ್ಕೃತಿ ಕನ್ನಡ ನಾಡು ನುಡಿ ಸಾಹಿತ್ಯ ಕಲೆ ಸಂಸ್ಕೃತಿ ಕನ್ನಡ ನಾಡು ನುಡಿ ಸಾಹಿತ್ಯ ಕಲೆ ಸಂಸ್ಕೃತಿ ಕನ್ನಡ ನಾಡು ನುಡಿ ಸಾಹಿತ್ಯ ಕಲೆ ಸಂಸ್ಕೃತಿ ಕನ್ನಡ ನಾಡು ನುಡಿ ಸಾಹಿತ್ಯ ಕಲೆ ಸಂಸ್ಕೃತಿ ಕನ್ನಡ ನಾಡು ನುಡಿ ಸಾಹಿತ್ಯ ಕಲೆ ಸಂಸ್ಕೃತಿ ಕನ್ನಡ ನಾಡು ನುಡಿ ಸಾಹಿತ್ಯ ಕಲೆ ಸಂಸ್ಕೃತಿ ಕನ್ನಡ ನಾಡು ನುಡಿ ಸಾಹಿತ್ಯ ಕಲೆ ಸಂಸ್ಕೃತಿ ಕನ್ನಡ ನಾಡು ನುಡಿ ಸಾಹಿತ್ಯ ಕಲೆ ಸಂಸ್ಕೃತಿ ಕನ್ನಡ ನಾಡು ನುಡಿ ಸಾಹಿತ್ಯ ಕಲೆ ಸಂಸ್ಕೃತಿ ಕನ್ನಡ ನಾಡು ನುಡಿ ಸಾಹಿತ್ಯ ಕಲೆ ಸಂಸ್ಕೃತಿ ಕನ್ನಡ ನಾಡು ನುಡಿ ಸಾಹಿತ್ಯ ಕಲೆ ಸಂಸ್ಕೃತಿ ಕನ್ನಡ ನಾಡು ನುಡಿ ಸಾಹಿತ್ಯ ಕಲೆ ಸಂಸ್ಕೃತಿ ಕನ್ನಡ ನಾಡು ನುಡಿ ಸಾಹಿತ್ಯ ಕಲೆ ಸಂಸ್ಕೃತಿ ಕನ್ನಡ ನಾಡು ನುಡಿ ಸಾಹಿತ್ಯ ಕಲೆ ಸಂಸ್ಕೃತಿ ಕನ್ನಡ ನಾಡು ನುಡಿ ಸಾಹಿತ್ಯ ಕಲೆ ಸಂಸ್ಕೃತಿ ಕನ್ನಡ ನಾಡು ನುಡಿ ಸಾಹಿತ್ಯ ಕಲೆ ಸಂಸ್ಕೃತಿ ಕನ್ನಡ ನಾಡು ನುಡಿ ಸಾಹಿತ್ಯ ಕಲೆ ಸಂಸ್ಕೃತಿ
S.L.V. ENTERPRICES
All Kinds of
Size Stone, Hollo Bricks, M.Sand,P. sand & Building Materials Suppliers
9845085793-9036885793
9035282296
343, Kogilu Layout,Bellahalli Road, Yelahanka, Bangalore North-560064.
ನಿಮಗೊಂದು ಸುವರ್ಣ ಅವಕಾಶ
ಜನರಿಂದ ಜನರಿಗಾಗಿ ಜನರಿಗೋಸ್ಕರ
ನಮ್ಮ ಸಂಸ್ಥೆಯಲ್ಲಿ ಕನ್ನಡ ನಾಡು ನುಡಿ ಸಾಹಿತ್ಯ ಕಲೆ ಸಂಸ್ಕೃತಿ ಕನ್ನಡ ನಾಡು ನುಡಿ ಸಾಹಿತ್ಯ ಕಲೆ ಸಂಸ್ಕೃತಿ ಕನ್ನಡ ನಾಡು ನುಡಿ ಸಾಹಿತ್ಯ ಕಲೆ ಸಂಸ್ಕೃತಿ ಕನ್ನಡ ನಾಡು ನುಡಿ ಸಾಹಿತ್ಯ ಕಲೆ ಸಂಸ್ಕೃತಿ ಕನ್ನಡ ನಾಡು ನುಡಿ ಸಾಹಿತ್ಯ ಕಲೆ ಸಂಸ್ಕೃತಿ ಕನ್ನಡ ನಾಡು ನುಡಿ ಸಾಹಿತ್ಯ ಕಲೆ ಸಂಸ್ಕೃತಿ
Rrk#21/22/23.ನೂತನ ನಗರ ಚಿಕ್ಕಪೇಟೆ opp RR
ಸೆಕ್ಕೆಂಡ್ ಫ್ಲೋರ್ 5600 64 opposite Brssr
9148640458, 8867994559
